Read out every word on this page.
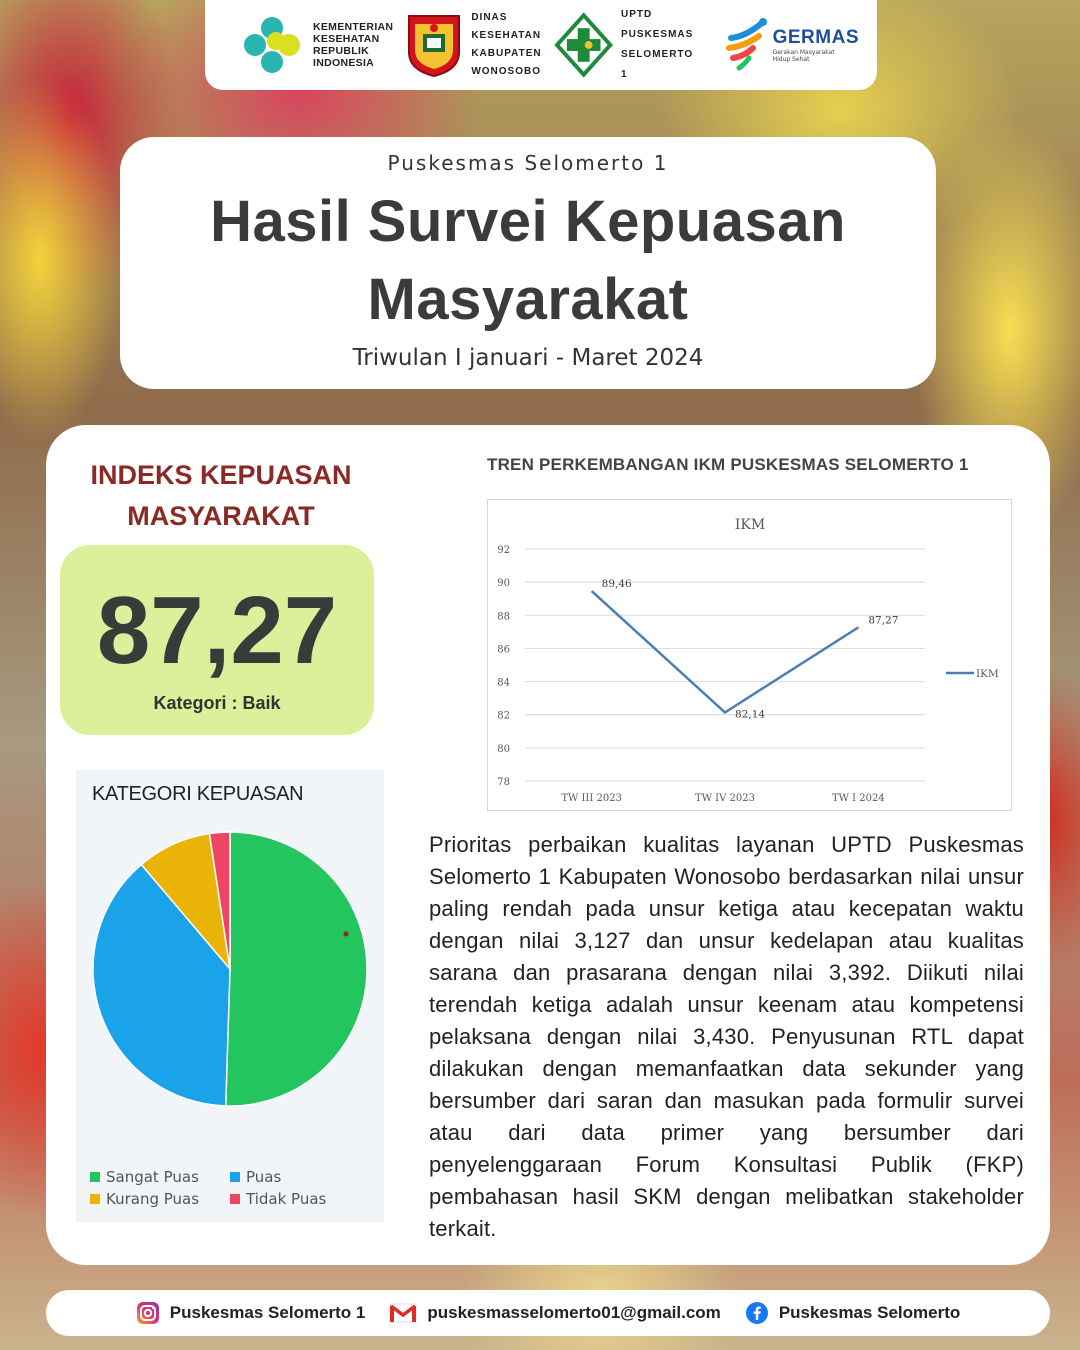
KEMENTERIAN
KESEHATAN
REPUBLIK
INDONESIA
DINAS
KESEHATAN
KABUPATEN
WONOSOBO
UPTD
PUSKESMAS
SELOMERTO 1
GERMAS
Gerakan Masyarakat
Hidup Sehat
Puskesmas Selomerto 1
Hasil Survei Kepuasan
Masyarakat
Triwulan I januari - Maret 2024
INDEKS KEPUASAN
MASYARAKAT
87,27
Kategori : Baik
KATEGORI KEPUASAN
Sangat Puas	Puas
Kurang Puas	Tidak Puas
TREN PERKEMBANGAN IKM PUSKESMAS SELOMERTO 1
IKM
78
80
82
84
86
88
90
92
TW III 2023	TW IV 2023	TW I 2024
89,46
82,14
87,27
IKM
Prioritas perbaikan kualitas layanan UPTD Puskesmas Selomerto 1 Kabupaten Wonosobo berdasarkan nilai unsur paling rendah pada unsur ketiga atau kecepatan waktu dengan nilai 3,127 dan unsur kedelapan atau kualitas sarana dan prasarana dengan nilai 3,392. Diikuti nilai terendah ketiga adalah unsur keenam atau kompetensi pelaksana dengan nilai 3,430. Penyusunan RTL dapat dilakukan dengan memanfaatkan data sekunder yang bersumber dari saran dan masukan pada formulir survei atau dari data primer yang bersumber dari penyelenggaraan Forum Konsultasi Publik (FKP) pembahasan hasil SKM dengan melibatkan stakeholder terkait.
Puskesmas Selomerto 1	puskesmasselomerto01@gmail.com	Puskesmas Selomerto
